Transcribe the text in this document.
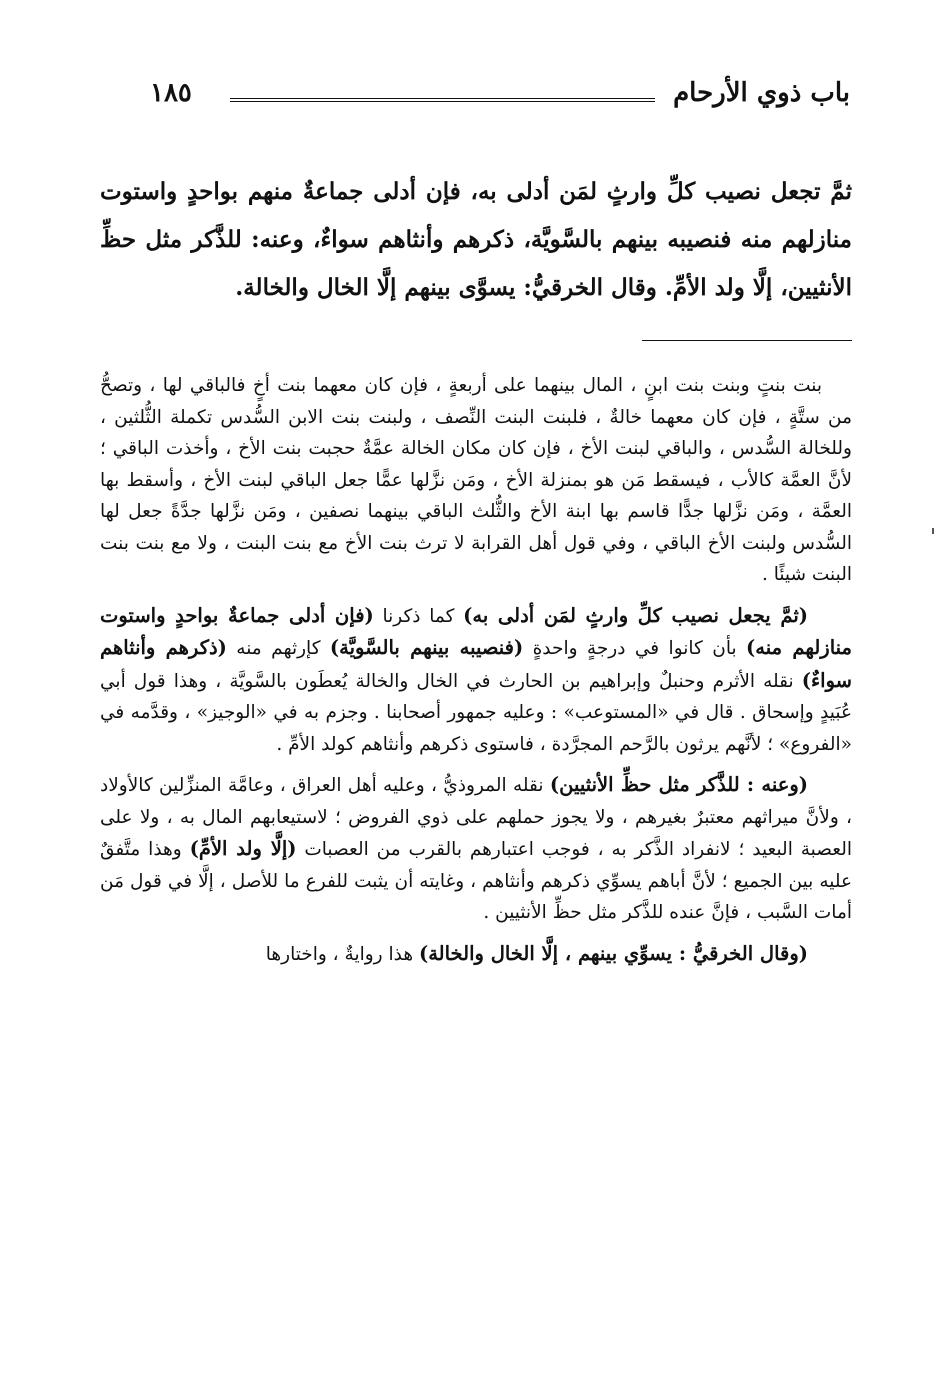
باب ذوي الأرحام
١٨٥
ثمَّ تجعل نصيب كلِّ وارثٍ لمَن أدلى به، فإن أدلى جماعةٌ منهم بواحدٍ واستوت منازلهم منه فنصيبه بينهم بالسَّويَّة، ذكرهم وأنثاهم سواءٌ، وعنه: للذَّكر مثل حظِّ الأنثيين، إلَّا ولد الأمِّ. وقال الخرقيُّ: يسوَّى بينهم إلَّا الخال والخالة.

بنت بنتٍ وبنت بنت ابنٍ ، المال بينهما على أربعةٍ ، فإن كان معهما بنت أخٍ فالباقي لها ، وتصحُّ من ستَّةٍ ، فإن كان معهما خالةٌ ، فلبنت البنت النِّصف ، ولبنت بنت الابن السُّدس تكملة الثُّلثين ، وللخالة السُّدس ، والباقي لبنت الأخ ، فإن كان مكان الخالة عمَّةٌ حجبت بنت الأخ ، وأخذت الباقي ؛ لأنَّ العمَّة كالأب ، فيسقط مَن هو بمنزلة الأخ ، ومَن نزَّلها عمًّا جعل الباقي لبنت الأخ ، وأسقط بها العمَّة ، ومَن نزَّلها جدًّا قاسم بها ابنة الأخ والثُّلث الباقي بينهما نصفين ، ومَن نزَّلها جدَّةً جعل لها السُّدس ولبنت الأخ الباقي ، وفي قول أهل القرابة لا ترث بنت الأخ مع بنت البنت ، ولا مع بنت بنت البنت شيئًا .

(ثمَّ يجعل نصيب كلِّ وارثٍ لمَن أدلى به) كما ذكرنا (فإن أدلى جماعةٌ بواحدٍ واستوت منازلهم منه) بأن كانوا في درجةٍ واحدةٍ (فنصيبه بينهم بالسَّويَّة) كإرثهم منه (ذكرهم وأنثاهم سواءٌ) نقله الأثرم وحنبلٌ وإبراهيم بن الحارث في الخال والخالة يُعطَون بالسَّويَّة ، وهذا قول أبي عُبَيدٍ وإسحاق . قال في «المستوعب» : وعليه جمهور أصحابنا . وجزم به في «الوجيز» ، وقدَّمه في «الفروع» ؛ لأنَّهم يرثون بالرَّحم المجرَّدة ، فاستوى ذكرهم وأنثاهم كولد الأمِّ .

(وعنه : للذَّكر مثل حظِّ الأنثيين) نقله المروذيُّ ، وعليه أهل العراق ، وعامَّة المنزِّلين كالأولاد ، ولأنَّ ميراثهم معتبرٌ بغيرهم ، ولا يجوز حملهم على ذوي الفروض ؛ لاستيعابهم المال به ، ولا على العصبة البعيد ؛ لانفراد الذَّكر به ، فوجب اعتبارهم بالقرب من العصبات (إلَّا ولد الأمِّ) وهذا متَّفقٌ عليه بين الجميع ؛ لأنَّ أباهم يسوِّي ذكرهم وأنثاهم ، وغايته أن يثبت للفرع ما للأصل ، إلَّا في قول مَن أمات السَّبب ، فإنَّ عنده للذَّكر مثل حظِّ الأنثيين .

(وقال الخرقيُّ : يسوِّي بينهم ، إلَّا الخال والخالة) هذا روايةٌ ، واختارها
